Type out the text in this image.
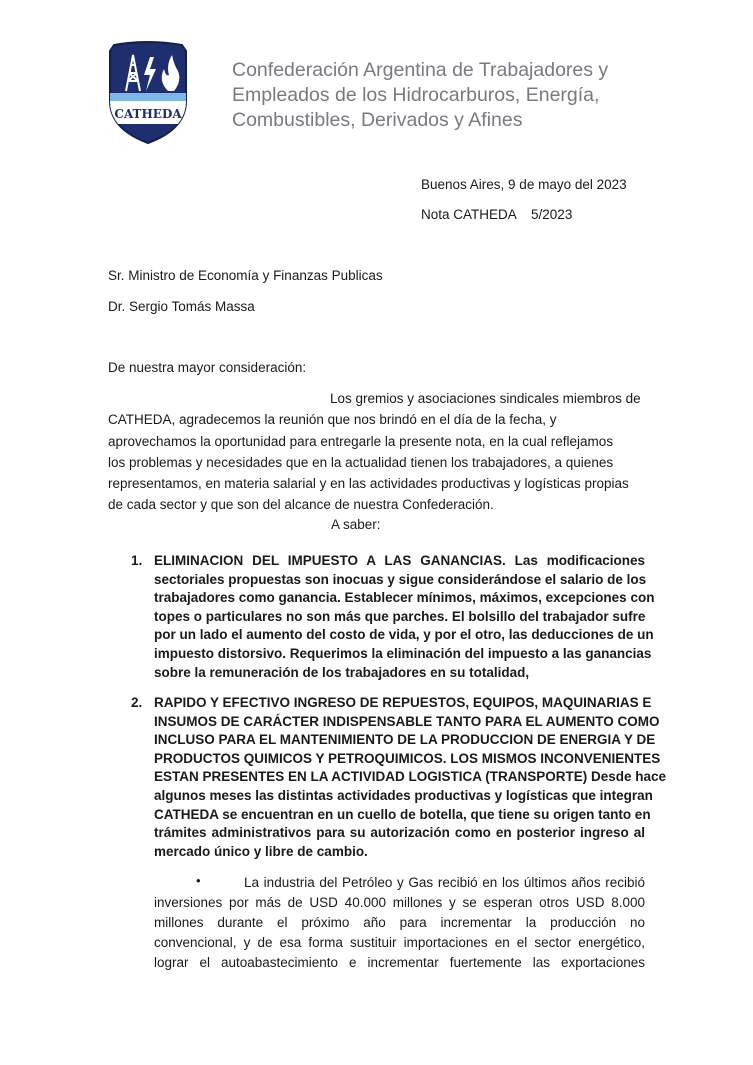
CATHEDA
Confederación Argentina de Trabajadores y
Empleados de los Hidrocarburos, Energía,
Combustibles, Derivados y Afines
Buenos Aires, 9 de mayo del 2023
Nota CATHEDA    5/2023
Sr. Ministro de Economía y Finanzas Publicas
Dr. Sergio Tomás Massa
De nuestra mayor consideración:
Los gremios y asociaciones sindicales miembros de
CATHEDA, agradecemos la reunión que nos brindó en el día de la fecha, y
aprovechamos la oportunidad para entregarle la presente nota, en la cual reflejamos
los problemas y necesidades que en la actualidad tienen los trabajadores, a quienes
representamos, en materia salarial y en las actividades productivas y logísticas propias
de cada sector y que son del alcance de nuestra Confederación.
A saber:
1. ELIMINACION DEL IMPUESTO A LAS GANANCIAS. Las modificaciones
sectoriales propuestas son inocuas y sigue considerándose el salario de los
trabajadores como ganancia. Establecer mínimos, máximos, excepciones con
topes o particulares no son más que parches. El bolsillo del trabajador sufre
por un lado el aumento del costo de vida, y por el otro, las deducciones de un
impuesto distorsivo. Requerimos la eliminación del impuesto a las ganancias
sobre la remuneración de los trabajadores en su totalidad,
2. RAPIDO Y EFECTIVO INGRESO DE REPUESTOS, EQUIPOS, MAQUINARIAS E
INSUMOS DE CARÁCTER INDISPENSABLE TANTO PARA EL AUMENTO COMO
INCLUSO PARA EL MANTENIMIENTO DE LA PRODUCCION DE ENERGIA Y DE
PRODUCTOS QUIMICOS Y PETROQUIMICOS. LOS MISMOS INCONVENIENTES
ESTAN PRESENTES EN LA ACTIVIDAD LOGISTICA (TRANSPORTE) Desde hace
algunos meses las distintas actividades productivas y logísticas que integran
CATHEDA se encuentran en un cuello de botella, que tiene su origen tanto en
trámites administrativos para su autorización como en posterior ingreso al
mercado único y libre de cambio.
•	La industria del Petróleo y Gas recibió en los últimos años recibió
inversiones por más de USD 40.000 millones y se esperan otros USD 8.000
millones durante el próximo año para incrementar la producción no
convencional, y de esa forma sustituir importaciones en el sector energético,
lograr el autoabastecimiento e incrementar fuertemente las exportaciones
